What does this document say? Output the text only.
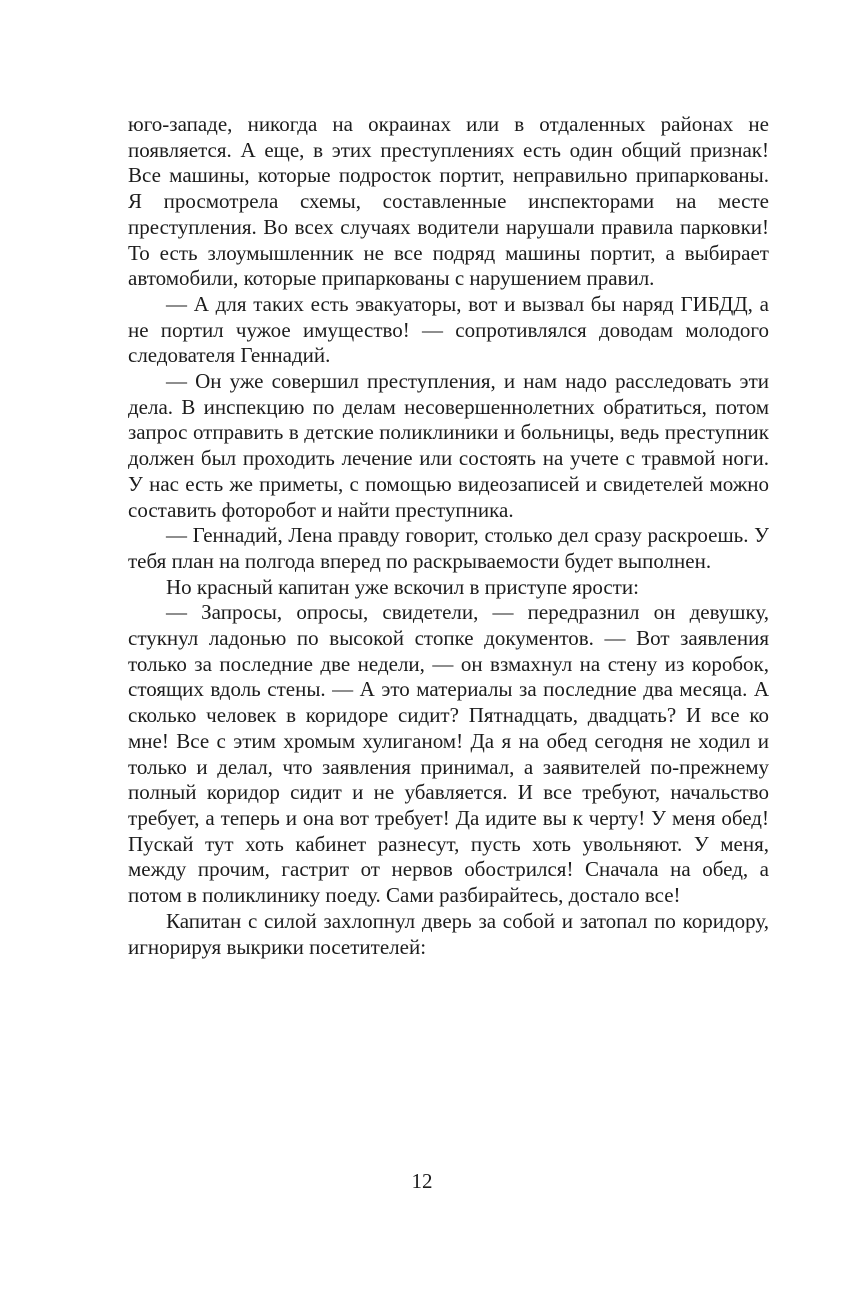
юго-западе, никогда на окраинах или в отдаленных районах не появляется. А еще, в этих преступлениях есть один общий признак! Все машины, которые подросток портит, неправильно припаркованы. Я просмотрела схемы, составленные инспекторами на месте преступления. Во всех случаях водители нарушали правила парковки! То есть злоумышленник не все подряд машины портит, а выбирает автомобили, которые припаркованы с нарушением правил.

— А для таких есть эвакуаторы, вот и вызвал бы наряд ГИБДД, а не портил чужое имущество! — сопротивлялся доводам молодого следователя Геннадий.

— Он уже совершил преступления, и нам надо расследовать эти дела. В инспекцию по делам несовершеннолетних обратиться, потом запрос отправить в детские поликлиники и больницы, ведь преступник должен был проходить лечение или состоять на учете с травмой ноги. У нас есть же приметы, с помощью видеозаписей и свидетелей можно составить фоторобот и найти преступника.

— Геннадий, Лена правду говорит, столько дел сразу раскроешь. У тебя план на полгода вперед по раскрываемости будет выполнен.

Но красный капитан уже вскочил в приступе ярости:

— Запросы, опросы, свидетели, — передразнил он девушку, стукнул ладонью по высокой стопке документов. — Вот заявления только за последние две недели, — он взмахнул на стену из коробок, стоящих вдоль стены. — А это материалы за последние два месяца. А сколько человек в коридоре сидит? Пятнадцать, двадцать? И все ко мне! Все с этим хромым хулиганом! Да я на обед сегодня не ходил и только и делал, что заявления принимал, а заявителей по-прежнему полный коридор сидит и не убавляется. И все требуют, начальство требует, а теперь и она вот требует! Да идите вы к черту! У меня обед! Пускай тут хоть кабинет разнесут, пусть хоть увольняют. У меня, между прочим, гастрит от нервов обострился! Сначала на обед, а потом в поликлинику поеду. Сами разбирайтесь, достало все!

Капитан с силой захлопнул дверь за собой и затопал по коридору, игнорируя выкрики посетителей:

12
